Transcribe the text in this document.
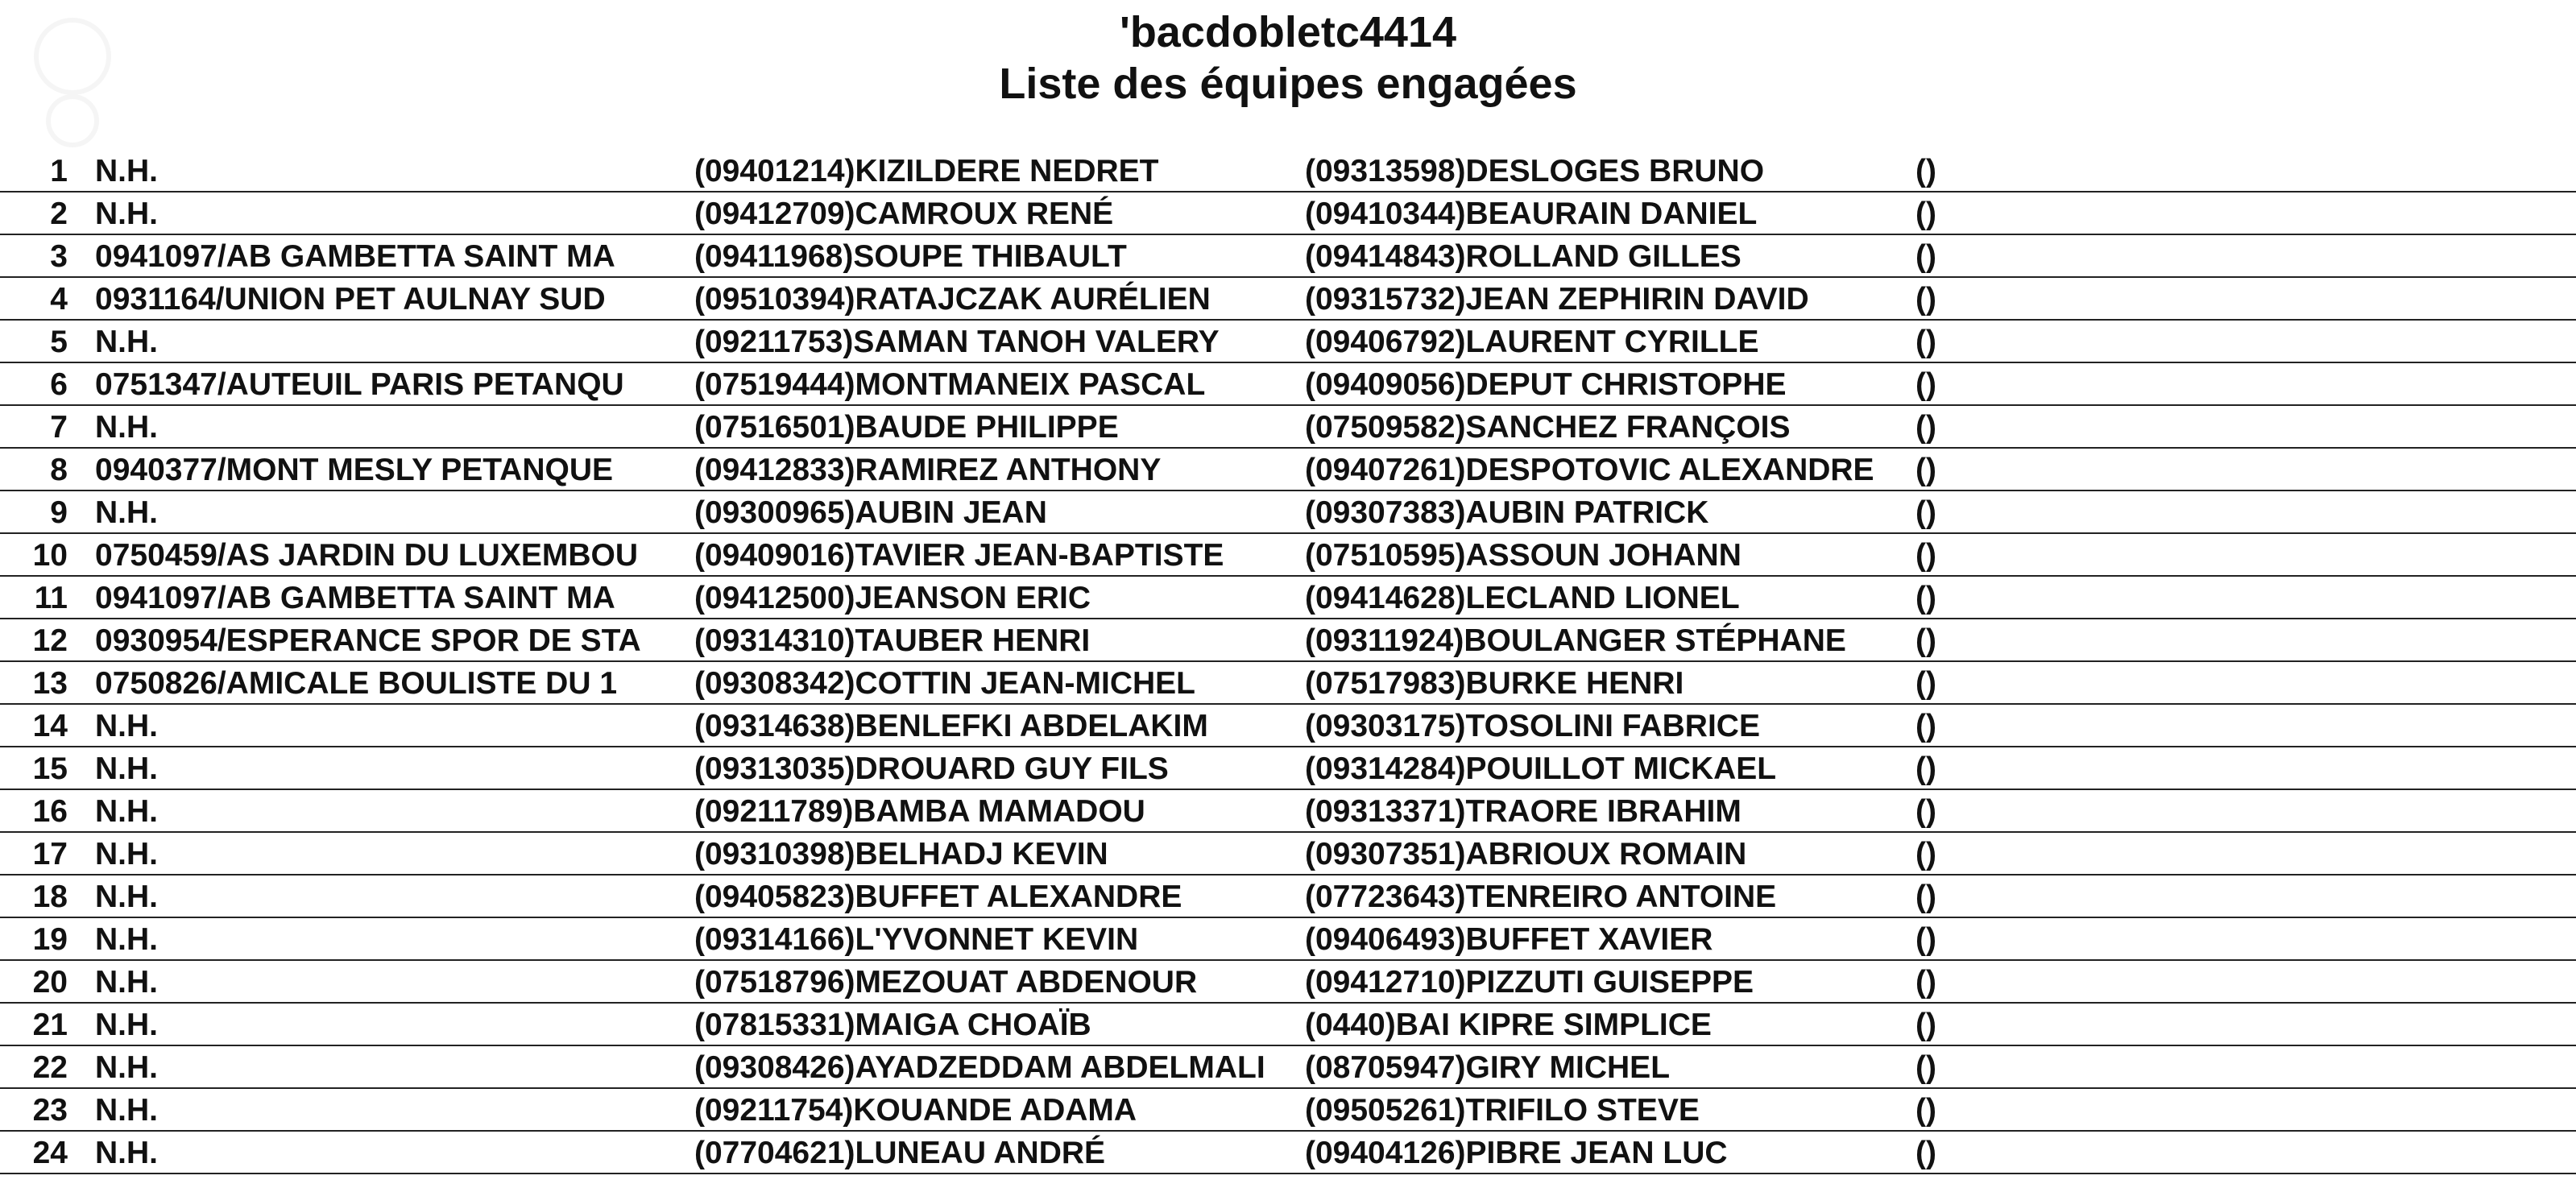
'bacdobletc4414
Liste des équipes engagées
1 N.H.	(09401214)KIZILDERE NEDRET	(09313598)DESLOGES BRUNO	()
2 N.H.	(09412709)CAMROUX RENÉ	(09410344)BEAURAIN DANIEL	()
3 0941097/AB GAMBETTA SAINT MA	(09411968)SOUPE THIBAULT	(09414843)ROLLAND GILLES	()
4 0931164/UNION PET AULNAY SUD	(09510394)RATAJCZAK AURÉLIEN	(09315732)JEAN ZEPHIRIN DAVID	()
5 N.H.	(09211753)SAMAN TANOH VALERY	(09406792)LAURENT CYRILLE	()
6 0751347/AUTEUIL PARIS PETANQU	(07519444)MONTMANEIX PASCAL	(09409056)DEPUT CHRISTOPHE	()
7 N.H.	(07516501)BAUDE PHILIPPE	(07509582)SANCHEZ FRANÇOIS	()
8 0940377/MONT MESLY PETANQUE	(09412833)RAMIREZ ANTHONY	(09407261)DESPOTOVIC ALEXANDRE	()
9 N.H.	(09300965)AUBIN JEAN	(09307383)AUBIN PATRICK	()
10 0750459/AS JARDIN DU LUXEMBOU	(09409016)TAVIER JEAN-BAPTISTE	(07510595)ASSOUN JOHANN	()
11 0941097/AB GAMBETTA SAINT MA	(09412500)JEANSON ERIC	(09414628)LECLAND LIONEL	()
12 0930954/ESPERANCE SPOR DE STA	(09314310)TAUBER HENRI	(09311924)BOULANGER STÉPHANE	()
13 0750826/AMICALE BOULISTE DU 1	(09308342)COTTIN JEAN-MICHEL	(07517983)BURKE HENRI	()
14 N.H.	(09314638)BENLEFKI ABDELAKIM	(09303175)TOSOLINI FABRICE	()
15 N.H.	(09313035)DROUARD GUY FILS	(09314284)POUILLOT MICKAEL	()
16 N.H.	(09211789)BAMBA MAMADOU	(09313371)TRAORE IBRAHIM	()
17 N.H.	(09310398)BELHADJ KEVIN	(09307351)ABRIOUX ROMAIN	()
18 N.H.	(09405823)BUFFET ALEXANDRE	(07723643)TENREIRO ANTOINE	()
19 N.H.	(09314166)L'YVONNET KEVIN	(09406493)BUFFET XAVIER	()
20 N.H.	(07518796)MEZOUAT ABDENOUR	(09412710)PIZZUTI GUISEPPE	()
21 N.H.	(07815331)MAIGA CHOAÏB	(0440)BAI KIPRE SIMPLICE	()
22 N.H.	(09308426)AYADZEDDAM ABDELMALI	(08705947)GIRY MICHEL	()
23 N.H.	(09211754)KOUANDE ADAMA	(09505261)TRIFILO STEVE	()
24 N.H.	(07704621)LUNEAU ANDRÉ	(09404126)PIBRE JEAN LUC	()
